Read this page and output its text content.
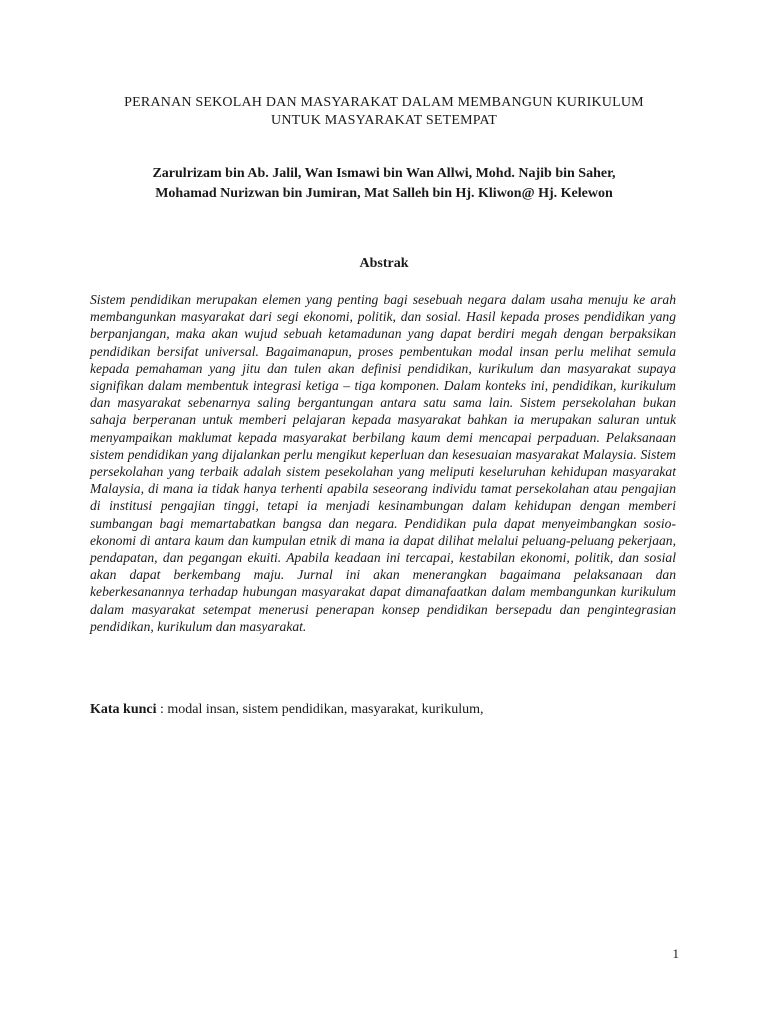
PERANAN SEKOLAH DAN MASYARAKAT DALAM MEMBANGUN KURIKULUM
UNTUK MASYARAKAT SETEMPAT
Zarulrizam bin Ab. Jalil, Wan Ismawi bin Wan Allwi, Mohd. Najib bin Saher,
Mohamad Nurizwan bin Jumiran, Mat Salleh bin Hj. Kliwon@ Hj. Kelewon
Abstrak

Sistem pendidikan merupakan elemen yang penting bagi sesebuah negara dalam usaha menuju ke arah membangunkan masyarakat dari segi ekonomi, politik, dan sosial. Hasil kepada proses pendidikan yang berpanjangan, maka akan wujud sebuah ketamadunan yang dapat berdiri megah dengan berpaksikan pendidikan bersifat universal. Bagaimanapun, proses pembentukan modal insan perlu melihat semula kepada pemahaman yang jitu dan tulen akan definisi pendidikan, kurikulum dan masyarakat supaya signifikan dalam membentuk integrasi ketiga – tiga komponen. Dalam konteks ini, pendidikan, kurikulum dan masyarakat sebenarnya saling bergantungan antara satu sama lain. Sistem persekolahan bukan sahaja berperanan untuk memberi pelajaran kepada masyarakat bahkan ia merupakan saluran untuk menyampaikan maklumat kepada masyarakat berbilang kaum demi mencapai perpaduan. Pelaksanaan sistem pendidikan yang dijalankan perlu mengikut keperluan dan kesesuaian masyarakat Malaysia. Sistem persekolahan yang terbaik adalah sistem pesekolahan yang meliputi keseluruhan kehidupan masyarakat Malaysia, di mana ia tidak hanya terhenti apabila seseorang individu tamat persekolahan atau pengajian di institusi pengajian tinggi, tetapi ia menjadi kesinambungan dalam kehidupan dengan memberi sumbangan bagi memartabatkan bangsa dan negara. Pendidikan pula dapat menyeimbangkan sosio-ekonomi di antara kaum dan kumpulan etnik di mana ia dapat dilihat melalui peluang-peluang pekerjaan, pendapatan, dan pegangan ekuiti. Apabila keadaan ini tercapai, kestabilan ekonomi, politik, dan sosial akan dapat berkembang maju. Jurnal ini akan menerangkan bagaimana pelaksanaan dan keberkesanannya terhadap hubungan masyarakat dapat dimanafaatkan dalam membangunkan kurikulum dalam masyarakat setempat menerusi penerapan konsep pendidikan bersepadu dan pengintegrasian pendidikan, kurikulum dan masyarakat.

Kata kunci : modal insan, sistem pendidikan, masyarakat, kurikulum,
1
